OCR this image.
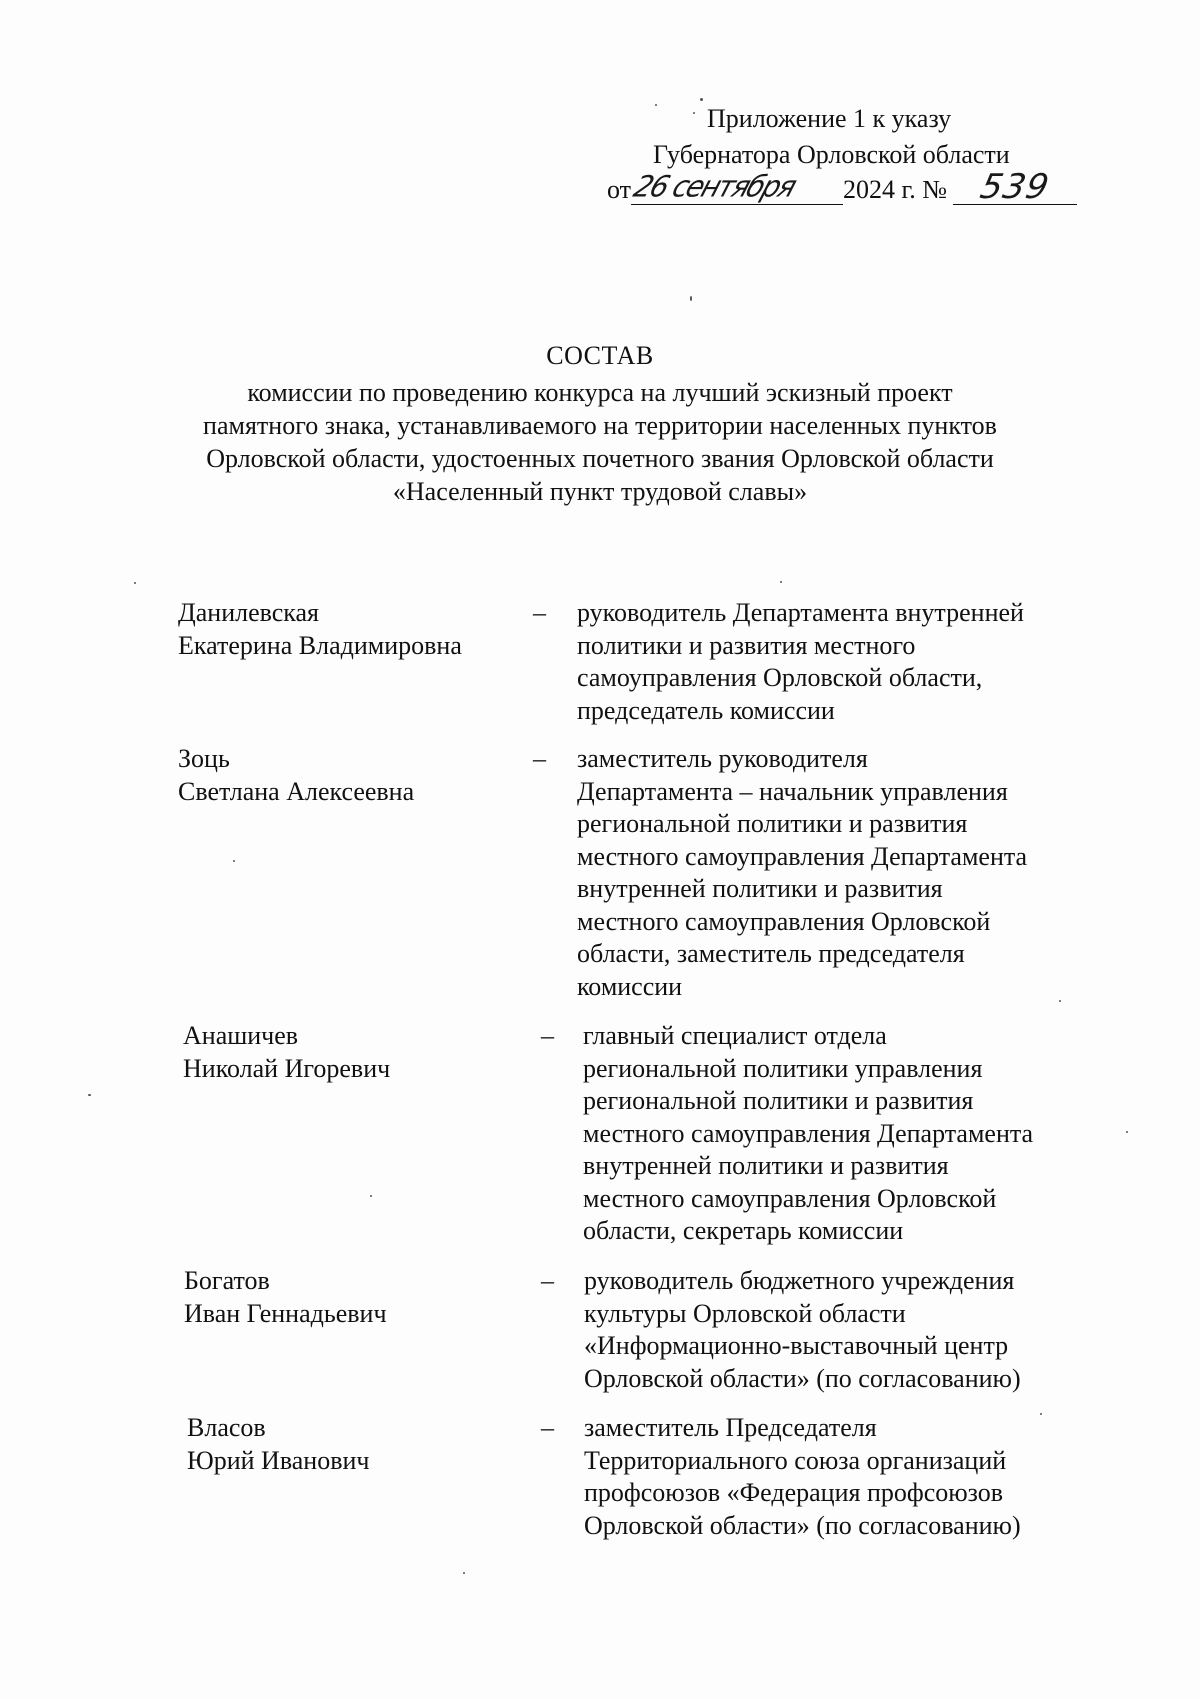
Приложение 1 к указу
Губернатора Орловской области
от
26 сентября 2024 г. № 539
СОСТАВ
комиссии по проведению конкурса на лучший эскизный проект
памятного знака, устанавливаемого на территории населенных пунктов
Орловской области, удостоенных почетного звания Орловской области
«Населенный пункт трудовой славы»
Данилевская
Екатерина Владимировна
– руководитель Департамента внутренней
политики и развития местного
самоуправления Орловской области,
председатель комиссии
Зоць
Светлана Алексеевна
– заместитель руководителя
Департамента – начальник управления
региональной политики и развития
местного самоуправления Департамента
внутренней политики и развития
местного самоуправления Орловской
области, заместитель председателя
комиссии
Анашичев
Николай Игоревич
– главный специалист отдела
региональной политики управления
региональной политики и развития
местного самоуправления Департамента
внутренней политики и развития
местного самоуправления Орловской
области, секретарь комиссии
Богатов
Иван Геннадьевич
– руководитель бюджетного учреждения
культуры Орловской области
«Информационно-выставочный центр
Орловской области» (по согласованию)
Власов
Юрий Иванович
– заместитель Председателя
Территориального союза организаций
профсоюзов «Федерация профсоюзов
Орловской области» (по согласованию)
